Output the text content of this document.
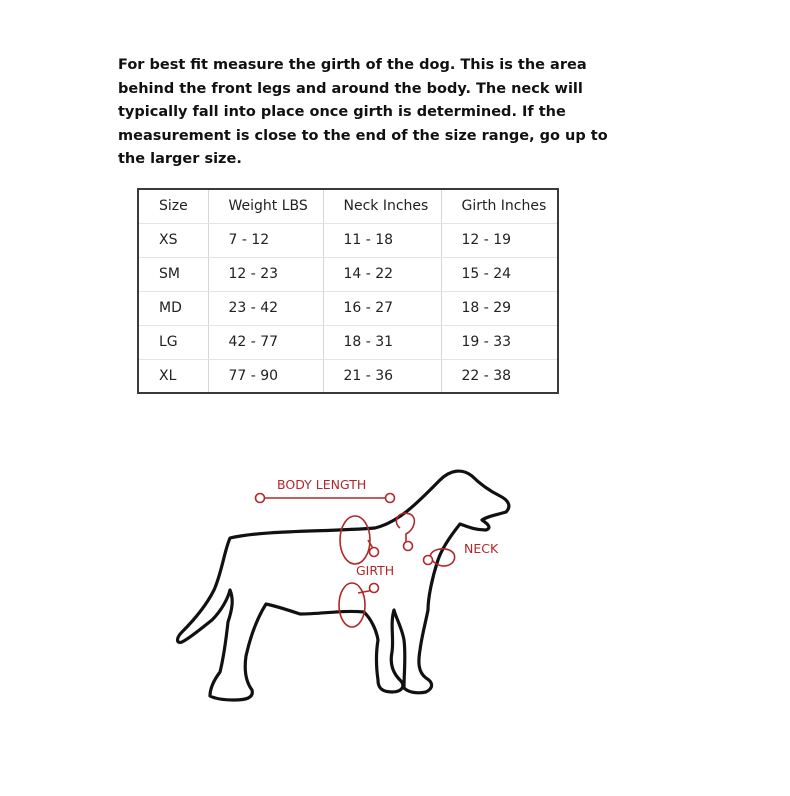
For best fit measure the girth of the dog. This is the area behind the front legs and around the body. The neck will typically fall into place once girth is determined. If the measurement is close to the end of the size range, go up to the larger size.

Size	Weight LBS	Neck Inches	Girth Inches
XS	7 - 12	11 - 18	12 - 19
SM	12 - 23	14 - 22	15 - 24
MD	23 - 42	16 - 27	18 - 29
LG	42 - 77	18 - 31	19 - 33
XL	77 - 90	21 - 36	22 - 38
BODY LENGTH
GIRTH
NECK
